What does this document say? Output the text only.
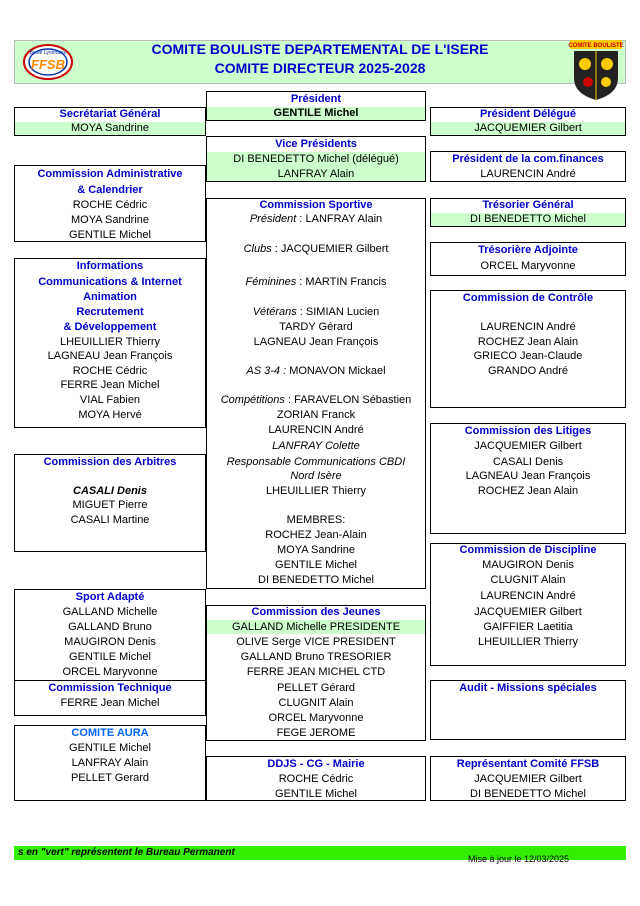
COMITE BOULISTE DEPARTEMENTAL DE L'ISERE
COMITE DIRECTEUR 2025-2028
Boule Lyonnaise
FFSB
COMITE BOULISTE
Secrétariat Général
MOYA Sandrine
Commission Administrative
& Calendrier
ROCHE Cédric
MOYA Sandrine
GENTILE Michel
Informations
Communications & Internet
Animation
Recrutement
& Développement
LHEUILLIER Thierry
LAGNEAU Jean François
ROCHE Cédric
FERRE Jean Michel
VIAL Fabien
MOYA Hervé
Commission des Arbitres
CASALI Denis
MIGUET Pierre
CASALI Martine
Sport Adapté
GALLAND Michelle
GALLAND Bruno
MAUGIRON Denis
GENTILE Michel
ORCEL Maryvonne
Commission Technique
FERRE Jean Michel
COMITE AURA
GENTILE Michel
LANFRAY Alain
PELLET Gerard
Président
GENTILE Michel
Vice Présidents
DI BENEDETTO Michel (délégué)
LANFRAY Alain
Commission Sportive
Président : LANFRAY Alain
Clubs : JACQUEMIER Gilbert
Féminines : MARTIN Francis
Vétérans : SIMIAN Lucien
TARDY Gérard
LAGNEAU Jean François
AS 3-4 : MONAVON Mickael
Compétitions : FARAVELON Sébastien
ZORIAN Franck
LAURENCIN André
LANFRAY Colette
Responsable Communications CBDI
Nord Isère
LHEUILLIER Thierry
MEMBRES:
ROCHEZ Jean-Alain
MOYA Sandrine
GENTILE Michel
DI BENEDETTO Michel
Commission des Jeunes
GALLAND Michelle PRESIDENTE
OLIVE Serge VICE PRESIDENT
GALLAND Bruno TRESORIER
FERRE JEAN MICHEL CTD
PELLET Gérard
CLUGNIT Alain
ORCEL Maryvonne
FEGE JEROME
DDJS - CG - Mairie
ROCHE Cédric
GENTILE Michel
Président Délégué
JACQUEMIER Gilbert
Président de la com.finances
LAURENCIN André
Trésorier Général
DI BENEDETTO Michel
Trésorière Adjointe
ORCEL Maryvonne
Commission de Contrôle
LAURENCIN André
ROCHEZ Jean Alain
GRIECO Jean-Claude
GRANDO André
Commission des Litiges
JACQUEMIER Gilbert
CASALI Denis
LAGNEAU Jean François
ROCHEZ Jean Alain
Commission de Discipline
MAUGIRON Denis
CLUGNIT Alain
LAURENCIN André
JACQUEMIER Gilbert
GAIFFIER Laetitia
LHEUILLIER Thierry
Audit - Missions spéciales
Représentant Comité FFSB
JACQUEMIER Gilbert
DI BENEDETTO Michel
s en "vert" représentent le Bureau Permanent
Mise à jour le 12/03/2025
